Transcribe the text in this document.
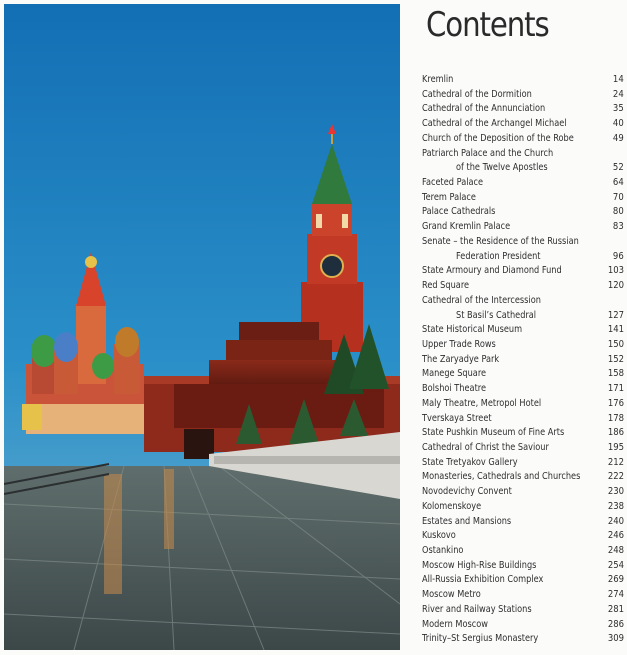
Contents
Kremlin	14
Cathedral of the Dormition	24
Cathedral of the Annunciation	35
Cathedral of the Archangel Michael	40
Church of the Deposition of the Robe	49
Patriarch Palace and the Church
of the Twelve Apostles	52
Faceted Palace	64
Terem Palace	70
Palace Cathedrals	80
Grand Kremlin Palace	83
Senate – the Residence of the Russian
Federation President	96
State Armoury and Diamond Fund	103
Red Square	120
Cathedral of the Intercession
St Basil’s Cathedral	127
State Historical Museum	141
Upper Trade Rows	150
The Zaryadye Park	152
Manege Square	158
Bolshoi Theatre	171
Maly Theatre, Metropol Hotel	176
Tverskaya Street	178
State Pushkin Museum of Fine Arts	186
Cathedral of Christ the Saviour	195
State Tretyakov Gallery	212
Monasteries, Cathedrals and Churches	222
Novodevichy Convent	230
Kolomenskoye	238
Estates and Mansions	240
Kuskovo	246
Ostankino	248
Moscow High-Rise Buildings	254
All-Russia Exhibition Complex	269
Moscow Metro	274
River and Railway Stations	281
Modern Moscow	286
Trinity–St Sergius Monastery	309
